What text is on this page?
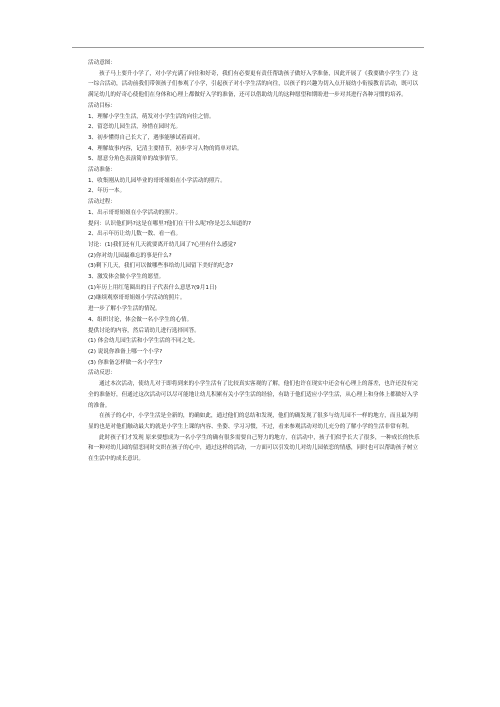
活动意图：

孩子马上要升小学了，对小学充满了向往和好奇，我们有必要更有责任帮助孩子做好入学准备，因此开展了《我要做小学生了》这一综合活动，活动前我们带领孩子们参观了小学，引起孩子对小学生活的向往，以孩子的兴趣为切入点开展幼小衔接教育活动，既可以满足幼儿的好奇心使他们在身体和心理上都做好入学的准备，还可以借助幼儿的这种愿望和期盼进一步对其进行各种习惯的培养。

活动目标：

1、理解小学生生活，萌发对小学生活的向往之情。

2、留恋幼儿园生活，珍惜在园时光。

3、初步懂得自己长大了，遇事能够试着面对。

4、理解故事内容，记清主要情节，初步学习人物的简单对话。

5、愿意分角色表演简单的故事情节。

活动准备：

1、收集刚从幼儿园毕业的哥哥姐姐在小学活动的照片。

2、年历一本。

活动过程：

1、出示哥哥姐姐在小学活动的照片。

提问：认识他们吗?这是在哪里?他们在干什么呢?你是怎么知道的?

2、出示年历让幼儿数一数、看一看。

讨论：(1)我们还有几天就要离开幼儿园了?心里有什么感觉?

(2)你对幼儿园最难忘的事是什么?

(3)剩下几天，我们可以做哪些事给幼儿园留下美好的纪念?

3、激发体会做小学生的愿望。

(1)年历上用红笔圈出的日子代表什么意思?(9月1日)

(2)继续观察哥哥姐姐小学活动的照片。

进一步了解小学生活的情况。

4、组织讨论，体会做一名小学生的心情。

提供讨论的内容，然后请幼儿进行选择回答。

(1) 体会幼儿园生活和小学生活的不同之处。

(2) 说说你准备上哪一个小学?

(3) 你准备怎样做一名小学生?

活动反思：

通过本次活动，使幼儿对于即将到来的小学生活有了比较真实客观的了解，他们也许在现实中还会有心理上的落差，也许还没有完全的准备好，但通过这次活动可以尽可能地让幼儿积累有关小学生活的经验，有助于他们适应小学生活，从心理上和身体上都做好入学的准备。

在孩子的心中，小学生活是全新的，的确如此，通过他们的总结和发现，他们的确发现了很多与幼儿园不一样的地方，而且最为明显的也是对他们触动最大的就是小学生上课的内容、坐姿、学习习惯，不过，看来参观活动对幼儿充分的了解小学的生活非常有利。

此时孩子们才发现 原来要想成为一名小学生的确有很多需要自己努力的地方，在活动中，孩子们似乎长大了很多，一种成长的快乐和一种对幼儿园的留恋同时交织在孩子的心中，通过这样的活动，一方面可以引发幼儿对幼儿园依恋的情感，同时也可以帮助孩子树立在生活中的成长意识。
